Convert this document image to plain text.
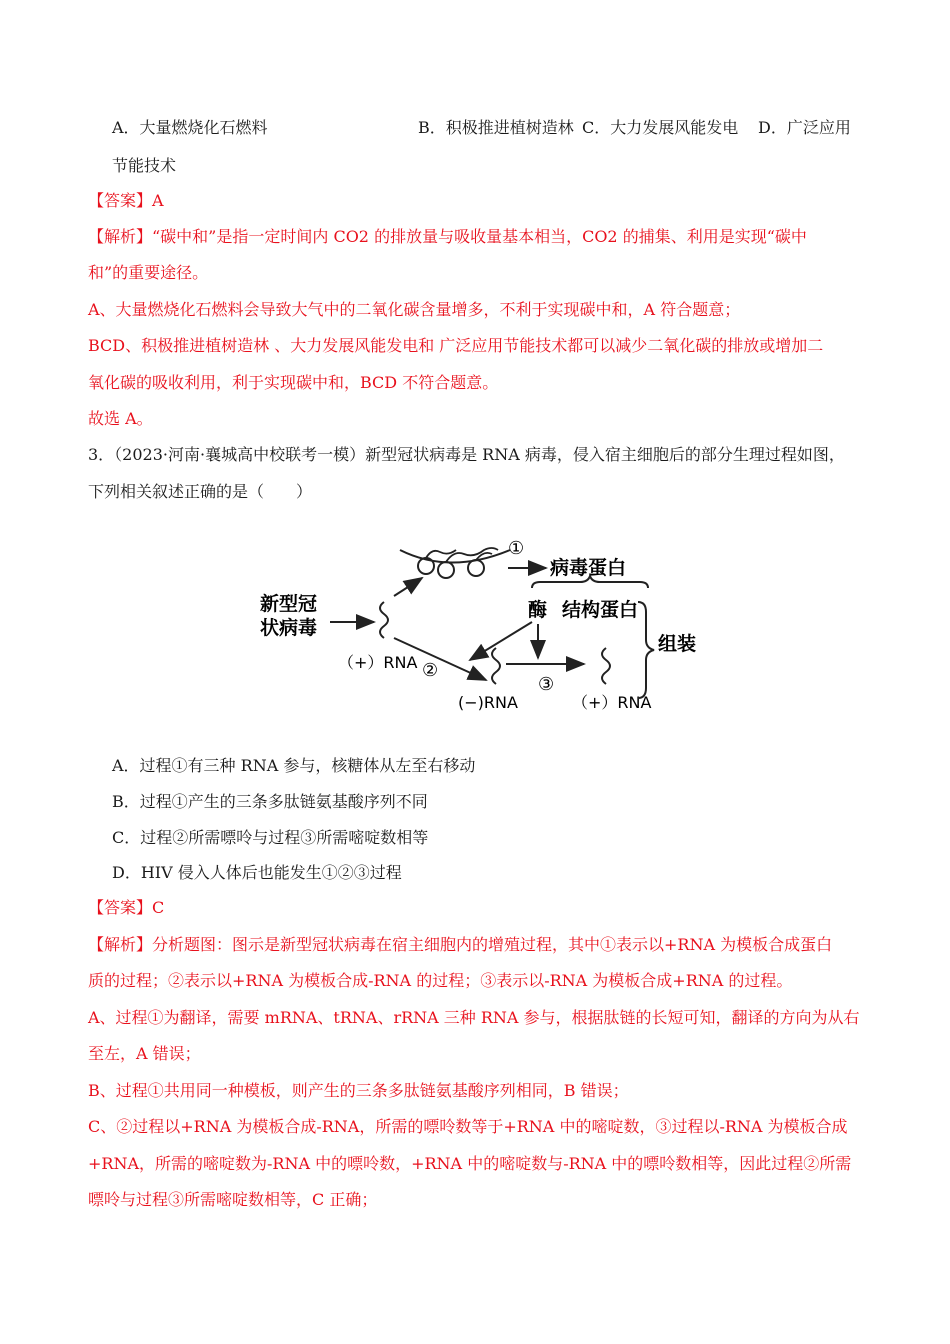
A．大量燃烧化石燃料	B．积极推进植树造林 C．大力发展风能发电 D．广泛应用
节能技术
【答案】A
【解析】“碳中和”是指一定时间内 CO2 的排放量与吸收量基本相当，CO2 的捕集、利用是实现“碳中
和”的重要途径。
A、大量燃烧化石燃料会导致大气中的二氧化碳含量增多，不利于实现碳中和，A 符合题意；
BCD、积极推进植树造林 、大力发展风能发电和 广泛应用节能技术都可以减少二氧化碳的排放或增加二
氧化碳的吸收利用，利于实现碳中和，BCD 不符合题意。
故选 A。
3．（2023·河南·襄城高中校联考一模）新型冠状病毒是 RNA 病毒，侵入宿主细胞后的部分生理过程如图，
下列相关叙述正确的是（　　）
①
病毒蛋白
酶 结构蛋白
新型冠
状病毒
（+）RNA ②
(−)RNA
③
（+）RNA
组装
A．过程①有三种 RNA 参与，核糖体从左至右移动
B．过程①产生的三条多肽链氨基酸序列不同
C．过程②所需嘌呤与过程③所需嘧啶数相等
D．HIV 侵入人体后也能发生①②③过程
【答案】C
【解析】分析题图：图示是新型冠状病毒在宿主细胞内的增殖过程，其中①表示以+RNA 为模板合成蛋白
质的过程；②表示以+RNA 为模板合成-RNA 的过程；③表示以-RNA 为模板合成+RNA 的过程。
A、过程①为翻译，需要 mRNA、tRNA、rRNA 三种 RNA 参与，根据肽链的长短可知，翻译的方向为从右
至左，A 错误；
B、过程①共用同一种模板，则产生的三条多肽链氨基酸序列相同，B 错误；
C、②过程以+RNA 为模板合成-RNA，所需的嘌呤数等于+RNA 中的嘧啶数，③过程以-RNA 为模板合成
+RNA，所需的嘧啶数为-RNA 中的嘌呤数，+RNA 中的嘧啶数与-RNA 中的嘌呤数相等，因此过程②所需
嘌呤与过程③所需嘧啶数相等，C 正确；
